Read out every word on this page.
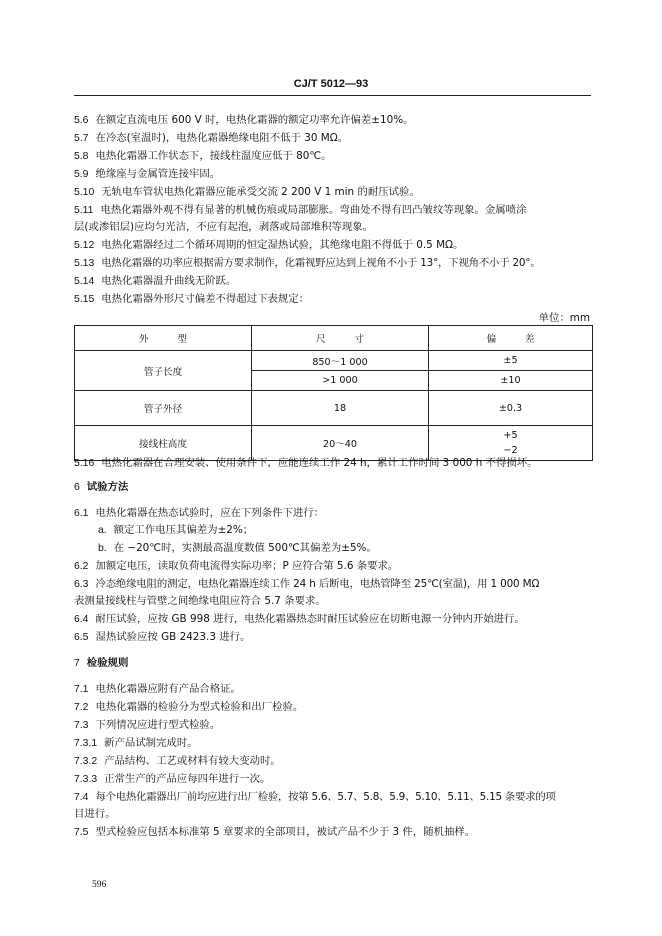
CJ/T 5012—93
5.6 在额定直流电压 600 V 时，电热化霜器的额定功率允许偏差±10%。
5.7 在冷态(室温时)，电热化霜器绝缘电阻不低于 30 MΩ。
5.8 电热化霜器工作状态下，接线柱温度应低于 80℃。
5.9 绝缘座与金属管连接牢固。
5.10 无轨电车管状电热化霜器应能承受交流 2 200 V 1 min 的耐压试验。
5.11 电热化霜器外观不得有显著的机械伤痕或局部膨胀。弯曲处不得有凹凸皱纹等现象。金属喷涂
层(或渗铝层)应均匀光洁，不应有起泡，剥落或局部堆积等现象。
5.12 电热化霜器经过二个循环周期的恒定湿热试验，其绝缘电阻不得低于 0.5 MΩ。
5.13 电热化霜器的功率应根据需方要求制作，化霜视野应达到上视角不小于 13°，下视角不小于 20°。
5.14 电热化霜器温升曲线无阶跃。
5.15 电热化霜器外形尺寸偏差不得超过下表规定：
单位：mm
外型	尺寸	偏差
管子长度	850～1 000	±5
	>1 000	±10
管子外径	18	±0.3
接线柱高度	20～40	+5
−2
5.16 电热化霜器在合理安装、使用条件下，应能连续工作 24 h，累计工作时间 3 000 h 不得损坏。
6 试验方法
6.1 电热化霜器在热态试验时，应在下列条件下进行：
a. 额定工作电压其偏差为±2%；
b. 在 −20℃时，实测最高温度数值 500℃其偏差为±5%。
6.2 加额定电压，读取负荷电流得实际功率；P 应符合第 5.6 条要求。
6.3 冷态绝缘电阻的测定，电热化霜器连续工作 24 h 后断电，电热管降至 25℃(室温)，用 1 000 MΩ
表测量接线柱与管壁之间绝缘电阻应符合 5.7 条要求。
6.4 耐压试验，应按 GB 998 进行，电热化霜器热态时耐压试验应在切断电源一分钟内开始进行。
6.5 湿热试验应按 GB 2423.3 进行。
7 检验规则
7.1 电热化霜器应附有产品合格证。
7.2 电热化霜器的检验分为型式检验和出厂检验。
7.3 下列情况应进行型式检验。
7.3.1 新产品试制完成时。
7.3.2 产品结构、工艺或材料有较大变动时。
7.3.3 正常生产的产品应每四年进行一次。
7.4 每个电热化霜器出厂前均应进行出厂检验，按第 5.6、5.7、5.8、5.9、5.10、5.11、5.15 条要求的项
目进行。
7.5 型式检验应包括本标准第 5 章要求的全部项目，被试产品不少于 3 件，随机抽样。
596
